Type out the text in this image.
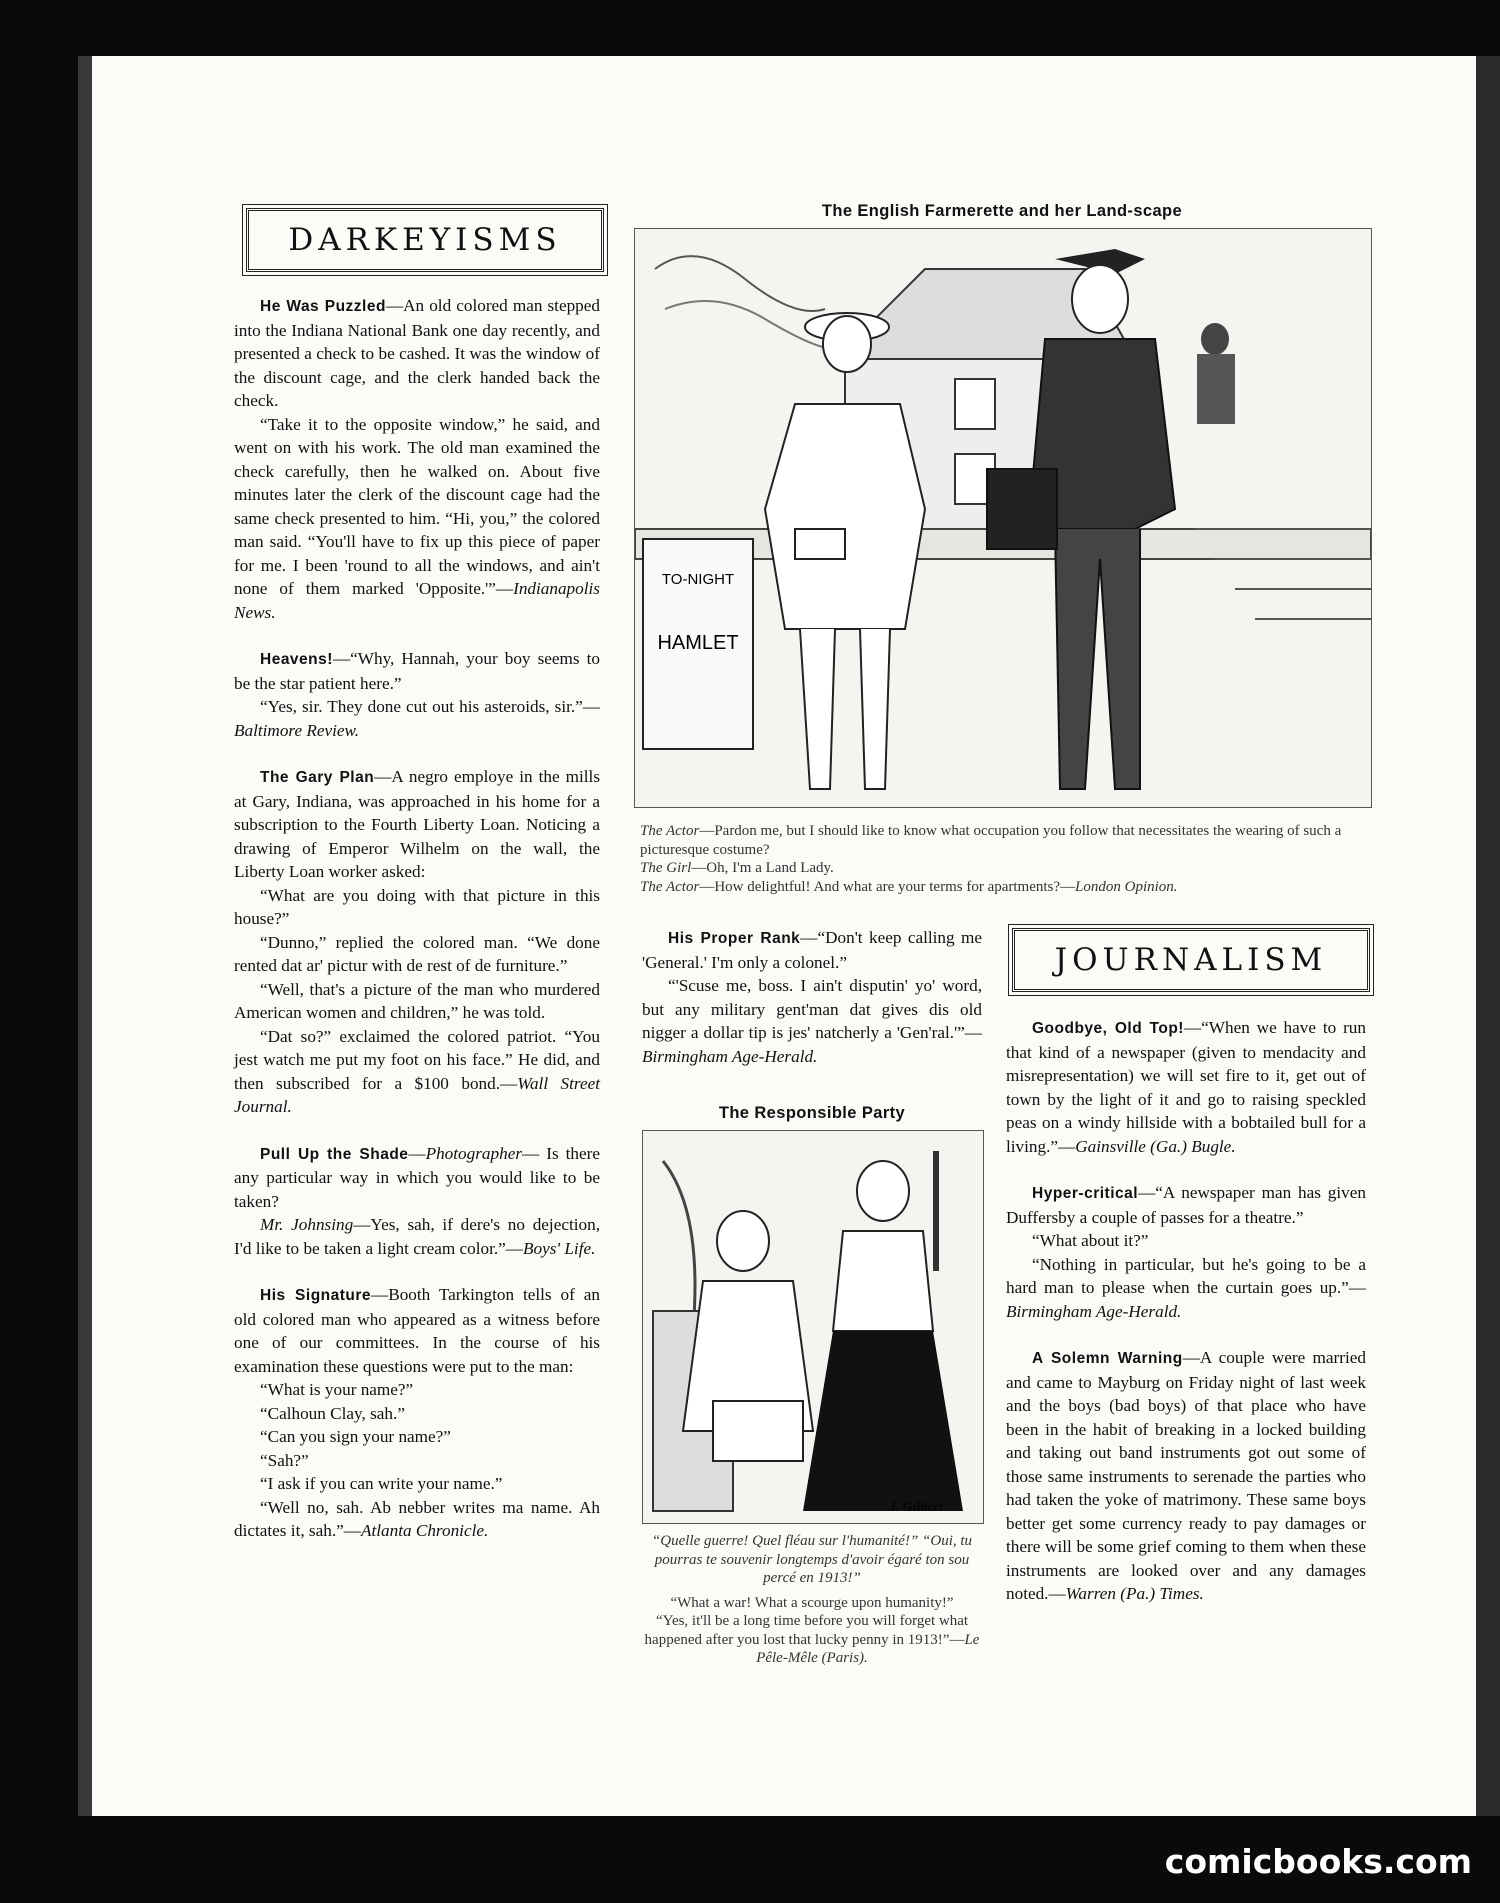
DARKEYISMS

He Was Puzzled—An old colored man stepped into the Indiana National Bank one day recently, and presented a check to be cashed. It was the window of the discount cage, and the clerk handed back the check.

“Take it to the opposite window,” he said, and went on with his work. The old man examined the check carefully, then he walked on. About five minutes later the clerk of the discount cage had the same check presented to him. “Hi, you,” the colored man said. “You'll have to fix up this piece of paper for me. I been 'round to all the windows, and ain't none of them marked 'Opposite.'”—Indianapolis News.

Heavens!—“Why, Hannah, your boy seems to be the star patient here.”

“Yes, sir. They done cut out his asteroids, sir.”—Baltimore Review.

The Gary Plan—A negro employe in the mills at Gary, Indiana, was approached in his home for a subscription to the Fourth Liberty Loan. Noticing a drawing of Emperor Wilhelm on the wall, the Liberty Loan worker asked:

“What are you doing with that picture in this house?”

“Dunno,” replied the colored man. “We done rented dat ar' pictur with de rest of de furniture.”

“Well, that's a picture of the man who murdered American women and children,” he was told.

“Dat so?” exclaimed the colored patriot. “You jest watch me put my foot on his face.” He did, and then subscribed for a $100 bond.—Wall Street Journal.

Pull Up the Shade—Photographer— Is there any particular way in which you would like to be taken?

Mr. Johnsing—Yes, sah, if dere's no dejection, I'd like to be taken a light cream color.”—Boys' Life.

His Signature—Booth Tarkington tells of an old colored man who appeared as a witness before one of our committees. In the course of his examination these questions were put to the man:

“What is your name?”

“Calhoun Clay, sah.”

“Can you sign your name?”

“Sah?”

“I ask if you can write your name.”

“Well no, sah. Ab nebber writes ma name. Ah dictates it, sah.”—Atlanta Chronicle.

The English Farmerette and her Land-scape
TO-NIGHT
HAMLET

The Actor—Pardon me, but I should like to know what occupation you follow that necessitates the wearing of such a picturesque costume?

The Girl—Oh, I'm a Land Lady.

The Actor—How delightful! And what are your terms for apartments?—London Opinion.

His Proper Rank—“Don't keep calling me 'General.' I'm only a colonel.”

“'Scuse me, boss. I ain't disputin' yo' word, but any military gent'man dat gives dis old nigger a dollar tip is jes' natcherly a 'Gen'ral.'”—Birmingham Age-Herald.

The Responsible Party
J. Gilbert

“Quelle guerre! Quel fléau sur l'humanité!” “Oui, tu pourras te souvenir longtemps d'avoir égaré ton sou percé en 1913!”

“What a war! What a scourge upon humanity!”

“Yes, it'll be a long time before you will forget what happened after you lost that lucky penny in 1913!”—Le Pêle-Mêle (Paris).

JOURNALISM

Goodbye, Old Top!—“When we have to run that kind of a newspaper (given to mendacity and misrepresentation) we will set fire to it, get out of town by the light of it and go to raising speckled peas on a windy hillside with a bobtailed bull for a living.”—Gainsville (Ga.) Bugle.

Hyper-critical—“A newspaper man has given Duffersby a couple of passes for a theatre.”

“What about it?”

“Nothing in particular, but he's going to be a hard man to please when the curtain goes up.”—Birmingham Age-Herald.

A Solemn Warning—A couple were married and came to Mayburg on Friday night of last week and the boys (bad boys) of that place who have been in the habit of breaking in a locked building and taking out band instruments got out some of those same instruments to serenade the parties who had taken the yoke of matrimony. These same boys better get some currency ready to pay damages or there will be some grief coming to them when these instruments are looked over and any damages noted.—Warren (Pa.) Times.

comicbooks.com
